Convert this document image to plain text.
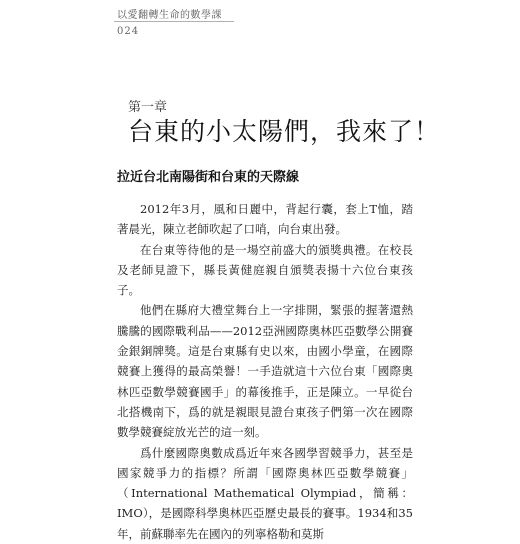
以愛翻轉生命的數學課
024
第一章
台東的小太陽們，我來了！
拉近台北南陽街和台東的天際線

2012年3月，風和日麗中，背起行囊，套上T恤，踏著晨光，陳立老師吹起了口哨，向台東出發。

在台東等待他的是一場空前盛大的頒獎典禮。在校長及老師見證下，縣長黃健庭親自頒獎表揚十六位台東孩子。

他們在縣府大禮堂舞台上一字排開，緊張的握著還熱騰騰的國際戰利品——2012亞洲國際奧林匹亞數學公開賽金銀銅牌獎。這是台東縣有史以來，由國小學童，在國際競賽上獲得的最高榮譽！一手造就這十六位台東「國際奧林匹亞數學競賽國手」的幕後推手，正是陳立。一早從台北搭機南下，爲的就是親眼見證台東孩子們第一次在國際數學競賽綻放光芒的這一刻。

爲什麼國際奧數成爲近年來各國學習競爭力，甚至是國家競爭力的指標？所謂「國際奧林匹亞數學競賽」（International Mathematical Olympiad，簡稱：IMO），是國際科學奧林匹亞歷史最長的賽事。1934和35年，前蘇聯率先在國內的列寧格勒和莫斯
